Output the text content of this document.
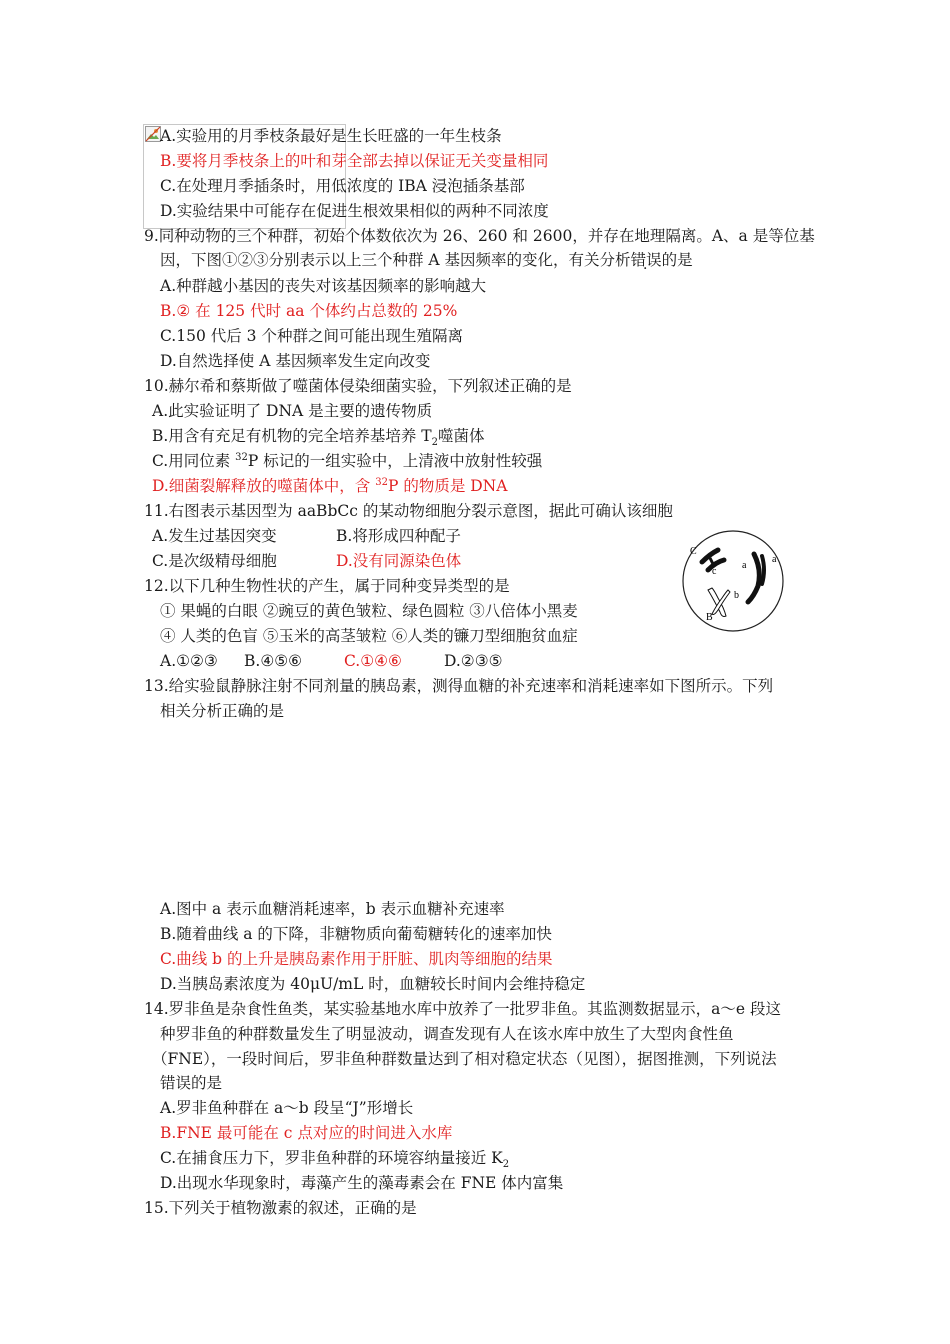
A.实验用的月季枝条最好是生长旺盛的一年生枝条
B.要将月季枝条上的叶和芽全部去掉以保证无关变量相同
C.在处理月季插条时，用低浓度的 IBA 浸泡插条基部
D.实验结果中可能存在促进生根效果相似的两种不同浓度
9.同种动物的三个种群，初始个体数依次为 26、260 和 2600，并存在地理隔离。A、a 是等位基
因，下图①②③分别表示以上三个种群 A 基因频率的变化，有关分析错误的是
A.种群越小基因的丧失对该基因频率的影响越大
B.② 在 125 代时 aa 个体约占总数的 25%
C.150 代后 3 个种群之间可能出现生殖隔离
D.自然选择使 A 基因频率发生定向改变
10.赫尔希和蔡斯做了噬菌体侵染细菌实验，下列叙述正确的是
A.此实验证明了 DNA 是主要的遗传物质
B.用含有充足有机物的完全培养基培养 $T_2$噬菌体
C.用同位素 $^{32}$P 标记的一组实验中，上清液中放射性较强
D.细菌裂解释放的噬菌体中，含 $^{32}$P 的物质是 DNA
11.右图表示基因型为 aaBbCc 的某动物细胞分裂示意图，据此可确认该细胞
A.发生过基因突变	B.将形成四种配子
C.是次级精母细胞	D.没有同源染色体
C
c
a
a
b
B
12.以下几种生物性状的产生，属于同种变异类型的是
① 果蝇的白眼 ②豌豆的黄色皱粒、绿色圆粒 ③八倍体小黑麦
④ 人类的色盲 ⑤玉米的高茎皱粒 ⑥人类的镰刀型细胞贫血症
A.①②③ B.④⑤⑥	C.①④⑥	D.②③⑤
13.给实验鼠静脉注射不同剂量的胰岛素，测得血糖的补充速率和消耗速率如下图所示。下列
相关分析正确的是
A.图中 a 表示血糖消耗速率，b 表示血糖补充速率
B.随着曲线 a 的下降，非糖物质向葡萄糖转化的速率加快
C.曲线 b 的上升是胰岛素作用于肝脏、肌肉等细胞的结果
D.当胰岛素浓度为 40μU/mL 时，血糖较长时间内会维持稳定
14.罗非鱼是杂食性鱼类，某实验基地水库中放养了一批罗非鱼。其监测数据显示，a～e 段这
种罗非鱼的种群数量发生了明显波动，调查发现有人在该水库中放生了大型肉食性鱼
（FNE），一段时间后，罗非鱼种群数量达到了相对稳定状态（见图），据图推测，下列说法
错误的是
A.罗非鱼种群在 a～b 段呈“J”形增长
B.FNE 最可能在 c 点对应的时间进入水库
C.在捕食压力下，罗非鱼种群的环境容纳量接近 $K_2$
D.出现水华现象时，毒藻产生的藻毒素会在 FNE 体内富集
15.下列关于植物激素的叙述，正确的是
